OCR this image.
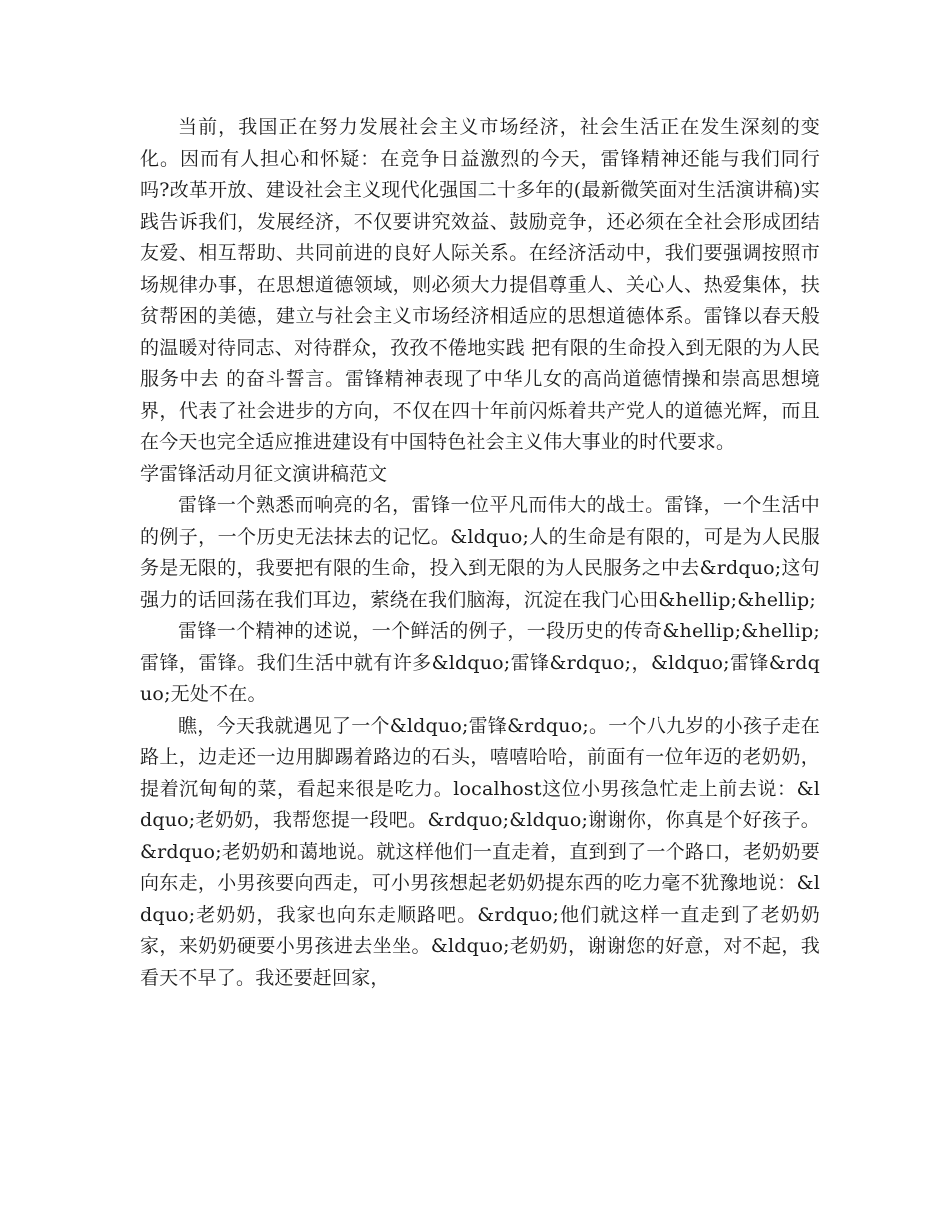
当前，我国正在努力发展社会主义市场经济，社会生活正在发生深刻的变化。因而有人担心和怀疑：在竞争日益激烈的今天，雷锋精神还能与我们同行吗?改革开放、建设社会主义现代化强国二十多年的(最新微笑面对生活演讲稿)实践告诉我们，发展经济，不仅要讲究效益、鼓励竞争，还必须在全社会形成团结友爱、相互帮助、共同前进的良好人际关系。在经济活动中，我们要强调按照市场规律办事，在思想道德领域，则必须大力提倡尊重人、关心人、热爱集体，扶贫帮困的美德，建立与社会主义市场经济相适应的思想道德体系。雷锋以春天般的温暖对待同志、对待群众，孜孜不倦地实践 把有限的生命投入到无限的为人民服务中去 的奋斗誓言。雷锋精神表现了中华儿女的高尚道德情操和崇高思想境界，代表了社会进步的方向，不仅在四十年前闪烁着共产党人的道德光辉，而且在今天也完全适应推进建设有中国特色社会主义伟大事业的时代要求。

学雷锋活动月征文演讲稿范文

雷锋一个熟悉而响亮的名，雷锋一位平凡而伟大的战士。雷锋，一个生活中的例子，一个历史无法抹去的记忆。&ldquo;人的生命是有限的，可是为人民服务是无限的，我要把有限的生命，投入到无限的为人民服务之中去&rdquo;这句强力的话回荡在我们耳边，萦绕在我们脑海，沉淀在我门心田&hellip;&hellip;

雷锋一个精神的述说，一个鲜活的例子，一段历史的传奇&hellip;&hellip;雷锋，雷锋。我们生活中就有许多&ldquo;雷锋&rdquo;，&ldquo;雷锋&rdquo;无处不在。

瞧，今天我就遇见了一个&ldquo;雷锋&rdquo;。一个八九岁的小孩子走在路上，边走还一边用脚踢着路边的石头，嘻嘻哈哈，前面有一位年迈的老奶奶，提着沉甸甸的菜，看起来很是吃力。localhost这位小男孩急忙走上前去说：&ldquo;老奶奶，我帮您提一段吧。&rdquo;&ldquo;谢谢你，你真是个好孩子。&rdquo;老奶奶和蔼地说。就这样他们一直走着，直到到了一个路口，老奶奶要向东走，小男孩要向西走，可小男孩想起老奶奶提东西的吃力毫不犹豫地说：&ldquo;老奶奶，我家也向东走顺路吧。&rdquo;他们就这样一直走到了老奶奶家，来奶奶硬要小男孩进去坐坐。&ldquo;老奶奶，谢谢您的好意，对不起，我看天不早了。我还要赶回家，
